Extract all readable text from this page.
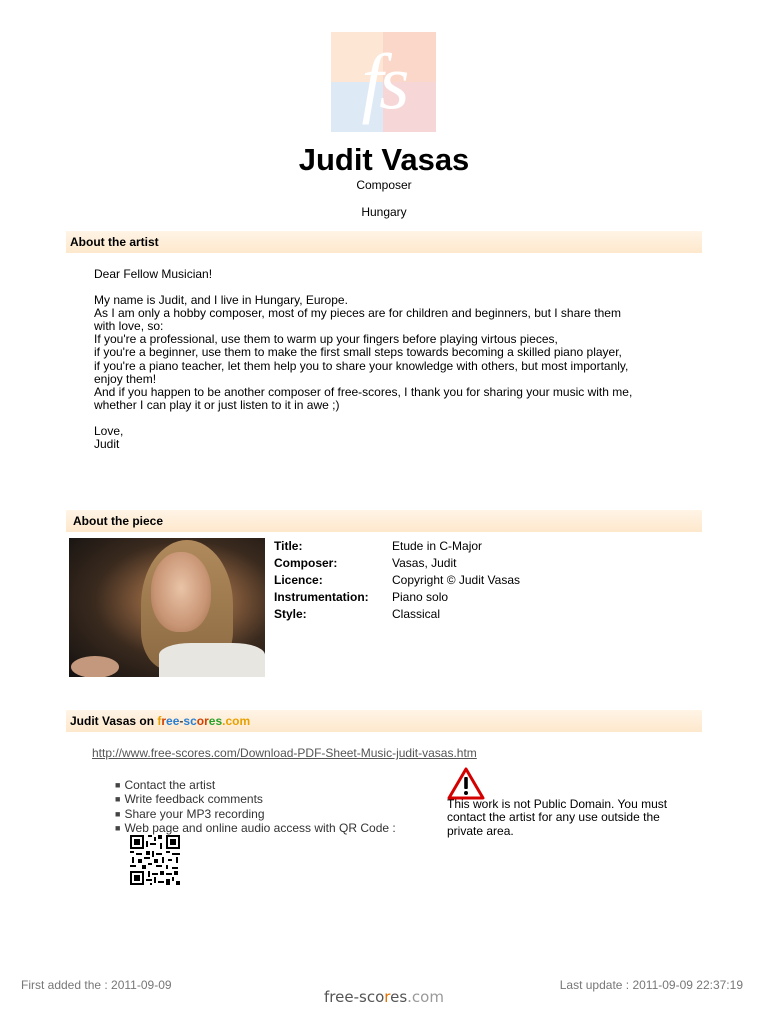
fs
Judit Vasas
Composer
Hungary
About the artist

Dear Fellow Musician!

My name is Judit, and I live in Hungary, Europe.

As I am only a hobby composer, most of my pieces are for children and beginners, but I share them

with love, so:

If you're a professional, use them to warm up your fingers before playing virtous pieces,

if you're a beginner, use them to make the first small steps towards becoming a skilled piano player,

if you're a piano teacher, let them help you to share your knowledge with others, but most importanly,

enjoy them!

And if you happen to be another composer of free-scores, I thank you for sharing your music with me,

whether I can play it or just listen to it in awe ;)

Love,

Judit

About the piece
Title:	Etude in C-Major
Composer:	Vasas, Judit
Licence:	Copyright © Judit Vasas
Instrumentation: Piano solo
Style:	Classical
Judit Vasas on free-scores.com
http://www.free-scores.com/Download-PDF-Sheet-Music-judit-vasas.htm
■ Contact the artist
■ Write feedback comments
■ Share your MP3 recording
■ Web page and online audio access with QR Code :
This work is not Public Domain. You must contact the artist for any use outside the private area.
First added the : 2011-09-09	Last update : 2011-09-09 22:37:19
free-scores.com
